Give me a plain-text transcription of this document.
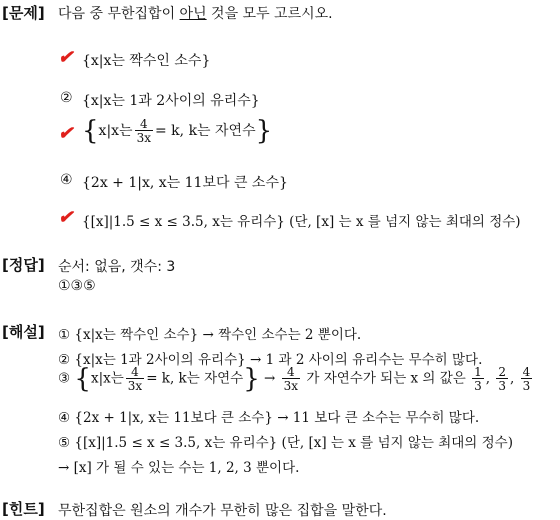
[문제] 다음 중 무한집합이 아닌 것을 모두 고르시오.
✔ {x|x는 짝수인 소수}
② {x|x는 1과 2사이의 유리수}
✔ {x|x는 $\frac{4}{3x} = k$, k는 자연수}
④ {2x + 1|x, x는 11보다 큰 소수}
✔ {[x]|1.5 ≤ x ≤ 3.5, x는 유리수} (단, [x] 는 x 를 넘지 않는 최대의 정수)
[정답] 순서: 없음, 갯수: 3
①③⑤
[해설] ① {x|x는 짝수인 소수} → 짝수인 소수는 2 뿐이다.
② {x|x는 1과 2사이의 유리수} → 1 과 2 사이의 유리수는 무수히 많다.
③ {x|x는 $\frac{4}{3x} = k$, k는 자연수} → $\frac{4}{3x}$ 가 자연수가 되는 x 의 값은 $\frac{1}{3}$ , $\frac{2}{3}$ , $\frac{4}{3}$
④ {2x + 1|x, x는 11보다 큰 소수} → 11 보다 큰 소수는 무수히 많다.
⑤ {[x]|1.5 ≤ x ≤ 3.5, x는 유리수} (단, [x] 는 x 를 넘지 않는 최대의 정수)
→ [x] 가 될 수 있는 수는 1, 2, 3 뿐이다.
[힌트] 무한집합은 원소의 개수가 무한히 많은 집합을 말한다.
